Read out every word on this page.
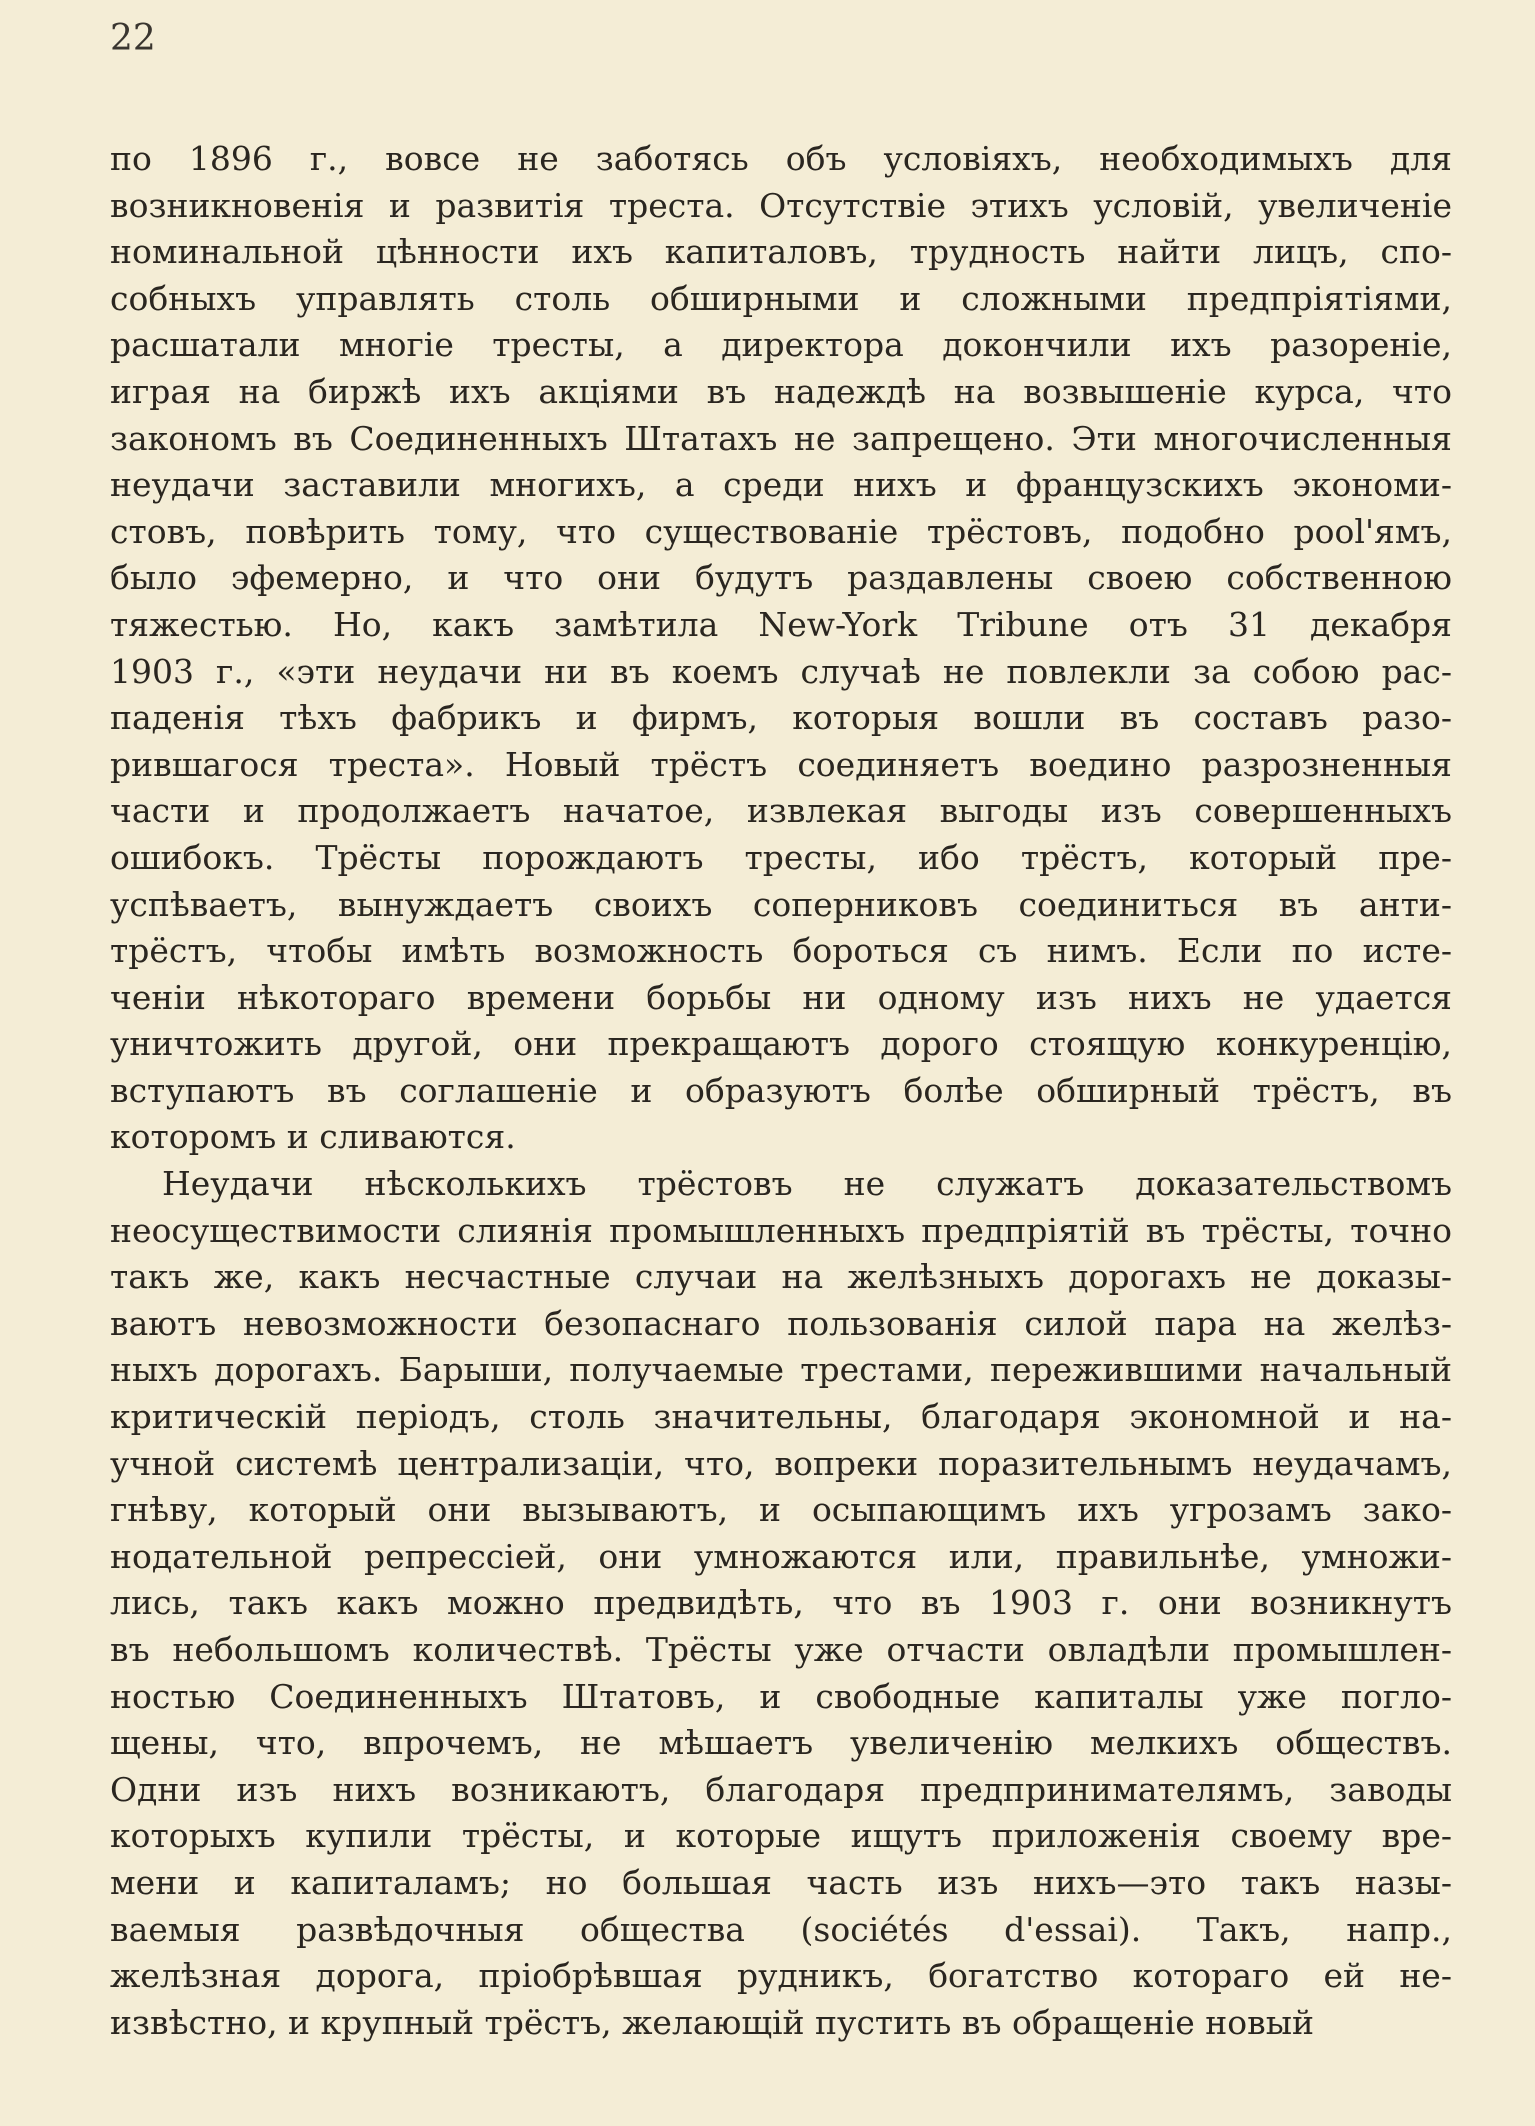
22
по 1896 г., вовсе не заботясь объ условіяхъ, необходимыхъ для
возникновенія и развитія треста. Отсутствіе этихъ условій, увеличеніе
номинальной цѣнности ихъ капиталовъ, трудность найти лицъ, спо-
собныхъ управлять столь обширными и сложными предпріятіями,
расшатали многіе тресты, а директора докончили ихъ разореніе,
играя на биржѣ ихъ акціями въ надеждѣ на возвышеніе курса, что
закономъ въ Соединенныхъ Штатахъ не запрещено. Эти многочисленныя
неудачи заставили многихъ, а среди нихъ и французскихъ экономи-
стовъ, повѣрить тому, что существованіе трёстовъ, подобно pool'ямъ,
было эфемерно, и что они будутъ раздавлены своею собственною
тяжестью. Но, какъ замѣтила New-York Tribune отъ 31 декабря
1903 г., «эти неудачи ни въ коемъ случаѣ не повлекли за собою рас-
паденія тѣхъ фабрикъ и фирмъ, которыя вошли въ составъ разо-
рившагося треста». Новый трёстъ соединяетъ воедино разрозненныя
части и продолжаетъ начатое, извлекая выгоды изъ совершенныхъ
ошибокъ. Трёсты порождаютъ тресты, ибо трёстъ, который пре-
успѣваетъ, вынуждаетъ своихъ соперниковъ соединиться въ анти-
трёстъ, чтобы имѣть возможность бороться съ нимъ. Если по исте-
ченіи нѣкотораго времени борьбы ни одному изъ нихъ не удается
уничтожить другой, они прекращаютъ дорого стоящую конкуренцію,
вступаютъ въ соглашеніе и образуютъ болѣе обширный трёстъ, въ
которомъ и сливаются.
Неудачи нѣсколькихъ трёстовъ не служатъ доказательствомъ
неосуществимости слиянія промышленныхъ предпріятій въ трёсты, точно
такъ же, какъ несчастные случаи на желѣзныхъ дорогахъ не доказы-
ваютъ невозможности безопаснаго пользованія силой пара на желѣз-
ныхъ дорогахъ. Барыши, получаемые трестами, пережившими начальный
критическій періодъ, столь значительны, благодаря экономной и на-
учной системѣ централизаціи, что, вопреки поразительнымъ неудачамъ,
гнѣву, который они вызываютъ, и осыпающимъ ихъ угрозамъ зако-
нодательной репрессіей, они умножаются или, правильнѣе, умножи-
лись, такъ какъ можно предвидѣть, что въ 1903 г. они возникнутъ
въ небольшомъ количествѣ. Трёсты уже отчасти овладѣли промышлен-
ностью Соединенныхъ Штатовъ, и свободные капиталы уже погло-
щены, что, впрочемъ, не мѣшаетъ увеличенію мелкихъ обществъ.
Одни изъ нихъ возникаютъ, благодаря предпринимателямъ, заводы
которыхъ купили трёсты, и которые ищутъ приложенія своему вре-
мени и капиталамъ; но большая часть изъ нихъ—это такъ назы-
ваемыя развѣдочныя общества (sociétés d'essai). Такъ, напр.,
желѣзная дорога, пріобрѣвшая рудникъ, богатство котораго ей не-
извѣстно, и крупный трёстъ, желающій пустить въ обращеніе новый
